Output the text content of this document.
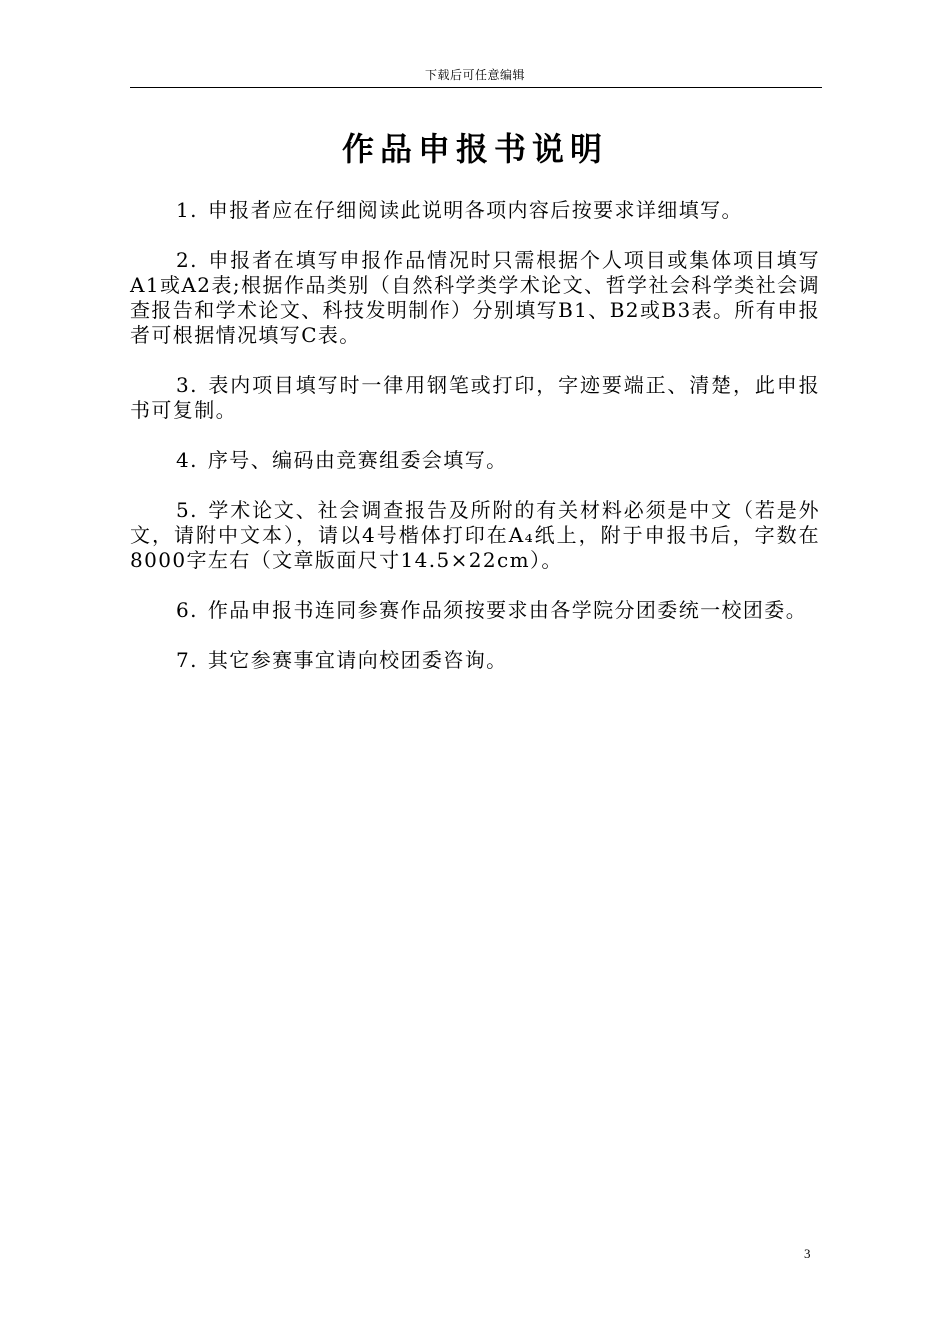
下载后可任意编辑
作品申报书说明

1. 申报者应在仔细阅读此说明各项内容后按要求详细填写。

2. 申报者在填写申报作品情况时只需根据个人项目或集体项目填写A1或A2表;根据作品类别（自然科学类学术论文、哲学社会科学类社会调查报告和学术论文、科技发明制作）分别填写B1、B2或B3表。所有申报者可根据情况填写C表。

3. 表内项目填写时一律用钢笔或打印，字迹要端正、清楚，此申报书可复制。

4. 序号、编码由竞赛组委会填写。

5. 学术论文、社会调查报告及所附的有关材料必须是中文（若是外文，请附中文本），请以4号楷体打印在A₄纸上，附于申报书后，字数在8000字左右（文章版面尺寸14.5×22cm）。

6. 作品申报书连同参赛作品须按要求由各学院分团委统一校团委。

7. 其它参赛事宜请向校团委咨询。

3
